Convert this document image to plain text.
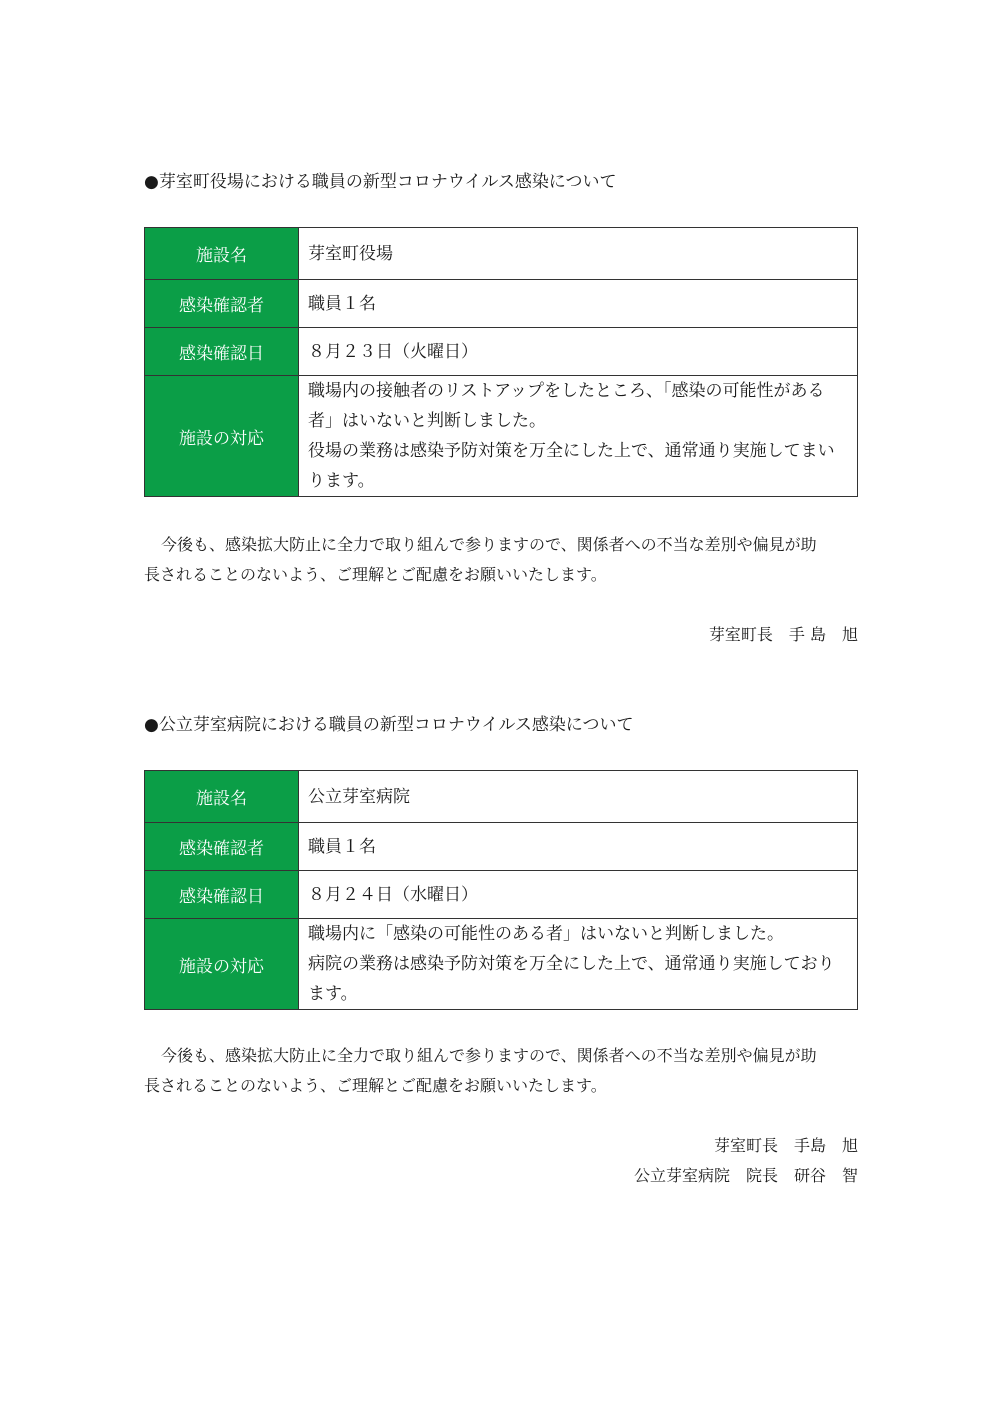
●芽室町役場における職員の新型コロナウイルス感染について
施設名	芽室町役場
感染確認者	職員１名
感染確認日	８月２３日（火曜日）
施設の対応	職場内の接触者のリストアップをしたところ、「感染の可能性がある
者」はいないと判断しました。
役場の業務は感染予防対策を万全にした上で、通常通り実施してまい
ります。
今後も、感染拡大防止に全力で取り組んで参りますので、関係者への不当な差別や偏見が助
長されることのないよう、ご理解とご配慮をお願いいたします。
芽室町長　手 島　旭
●公立芽室病院における職員の新型コロナウイルス感染について
施設名	公立芽室病院
感染確認者	職員１名
感染確認日	８月２４日（水曜日）
施設の対応	職場内に「感染の可能性のある者」はいないと判断しました。
病院の業務は感染予防対策を万全にした上で、通常通り実施しており
ます。
今後も、感染拡大防止に全力で取り組んで参りますので、関係者への不当な差別や偏見が助
長されることのないよう、ご理解とご配慮をお願いいたします。
芽室町長　手島　旭
公立芽室病院　院長　研谷　智
